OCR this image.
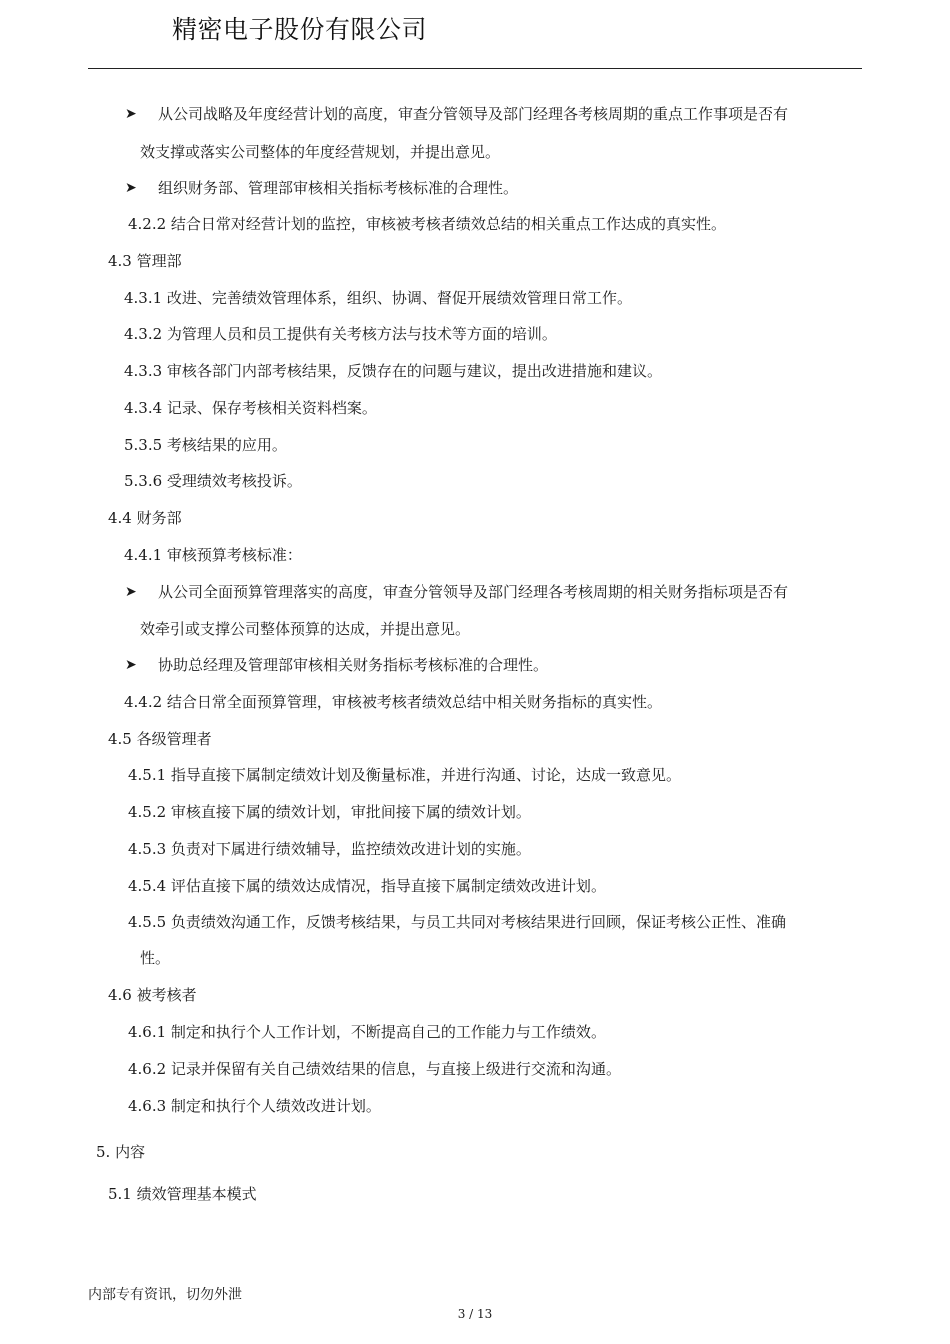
精密电子股份有限公司
➤ 从公司战略及年度经营计划的高度，审查分管领导及部门经理各考核周期的重点工作事项是否有
效支撑或落实公司整体的年度经营规划，并提出意见。
➤ 组织财务部、管理部审核相关指标考核标准的合理性。
4.2.2 结合日常对经营计划的监控，审核被考核者绩效总结的相关重点工作达成的真实性。
4.3 管理部
4.3.1 改进、完善绩效管理体系，组织、协调、督促开展绩效管理日常工作。
4.3.2 为管理人员和员工提供有关考核方法与技术等方面的培训。
4.3.3 审核各部门内部考核结果，反馈存在的问题与建议，提出改进措施和建议。
4.3.4 记录、保存考核相关资料档案。
5.3.5 考核结果的应用。
5.3.6 受理绩效考核投诉。
4.4 财务部
4.4.1 审核预算考核标准：
➤ 从公司全面预算管理落实的高度，审查分管领导及部门经理各考核周期的相关财务指标项是否有
效牵引或支撑公司整体预算的达成，并提出意见。
➤ 协助总经理及管理部审核相关财务指标考核标准的合理性。
4.4.2 结合日常全面预算管理，审核被考核者绩效总结中相关财务指标的真实性。
4.5 各级管理者
4.5.1 指导直接下属制定绩效计划及衡量标准，并进行沟通、讨论，达成一致意见。
4.5.2 审核直接下属的绩效计划，审批间接下属的绩效计划。
4.5.3 负责对下属进行绩效辅导，监控绩效改进计划的实施。
4.5.4 评估直接下属的绩效达成情况，指导直接下属制定绩效改进计划。
4.5.5 负责绩效沟通工作，反馈考核结果，与员工共同对考核结果进行回顾，保证考核公正性、准确
性。
4.6 被考核者
4.6.1 制定和执行个人工作计划，不断提高自己的工作能力与工作绩效。
4.6.2 记录并保留有关自己绩效结果的信息，与直接上级进行交流和沟通。
4.6.3 制定和执行个人绩效改进计划。
5. 内容
5.1 绩效管理基本模式
内部专有资讯，切勿外泄
3 / 13
